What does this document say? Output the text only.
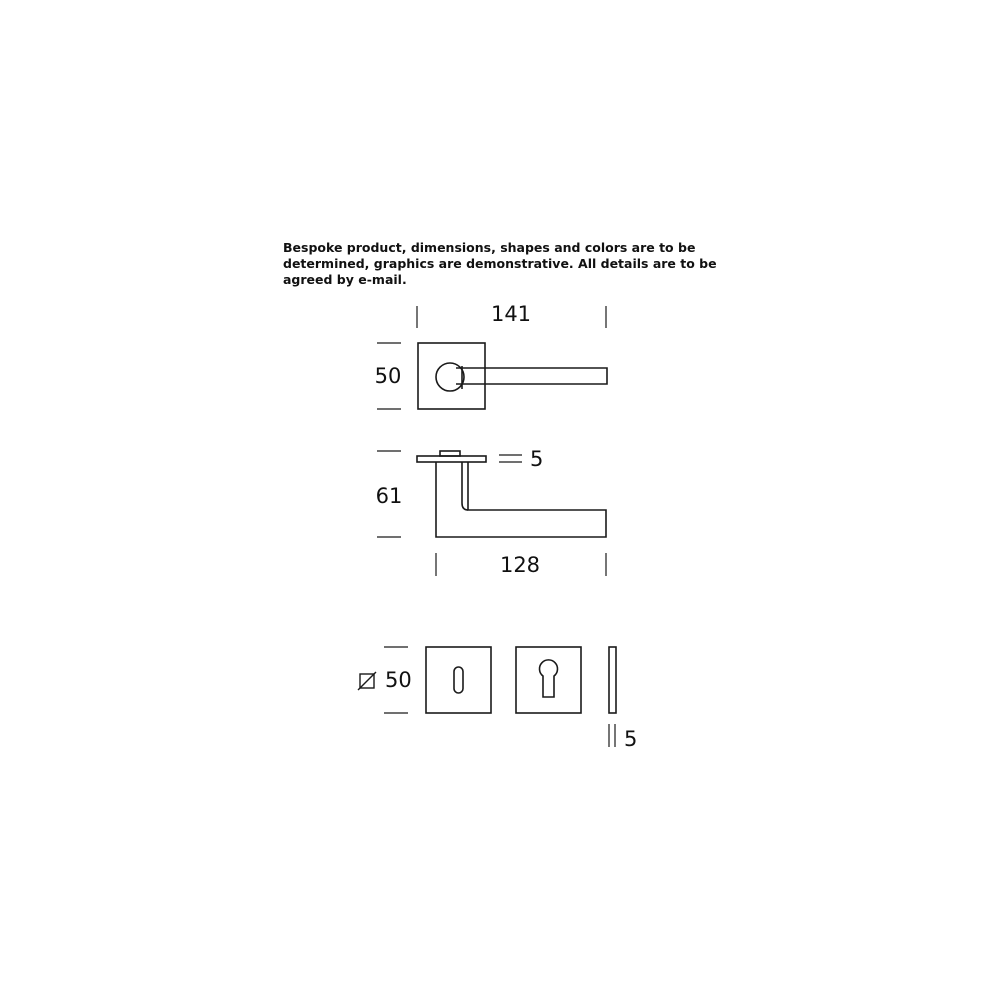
Bespoke product, dimensions, shapes and colors are to be determined, graphics are demonstrative. All details are to be agreed by e-mail.
141
50
5
61
128
50
5
